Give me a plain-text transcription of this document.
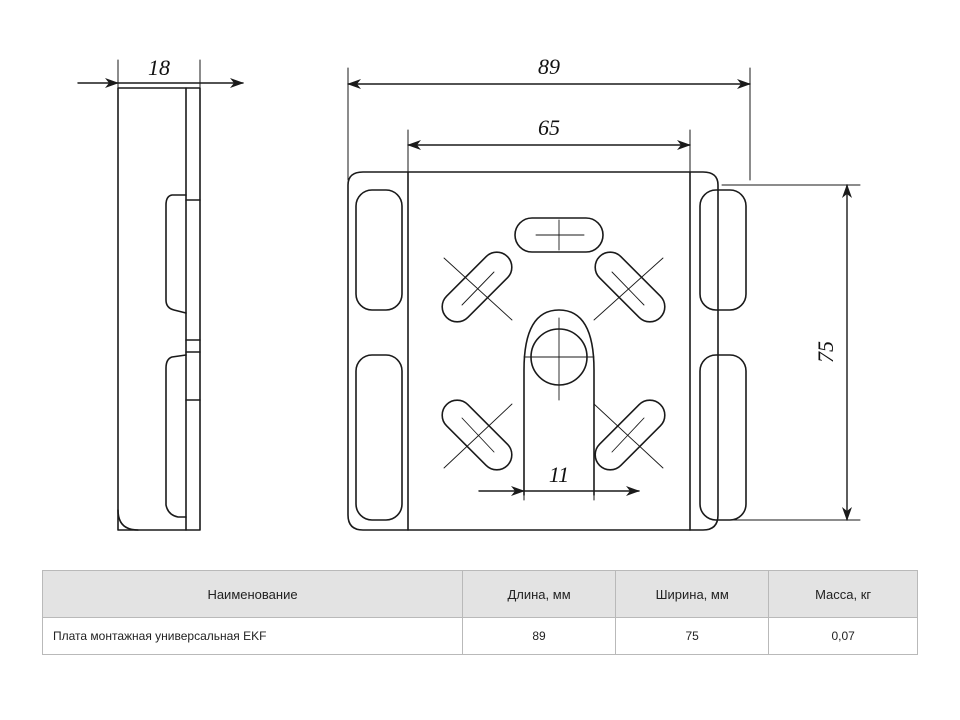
18	89
65
75
11
Наименование	Длина, мм	Ширина, мм	Масса, кг
Плата монтажная универсальная EKF	89	75	0,07
